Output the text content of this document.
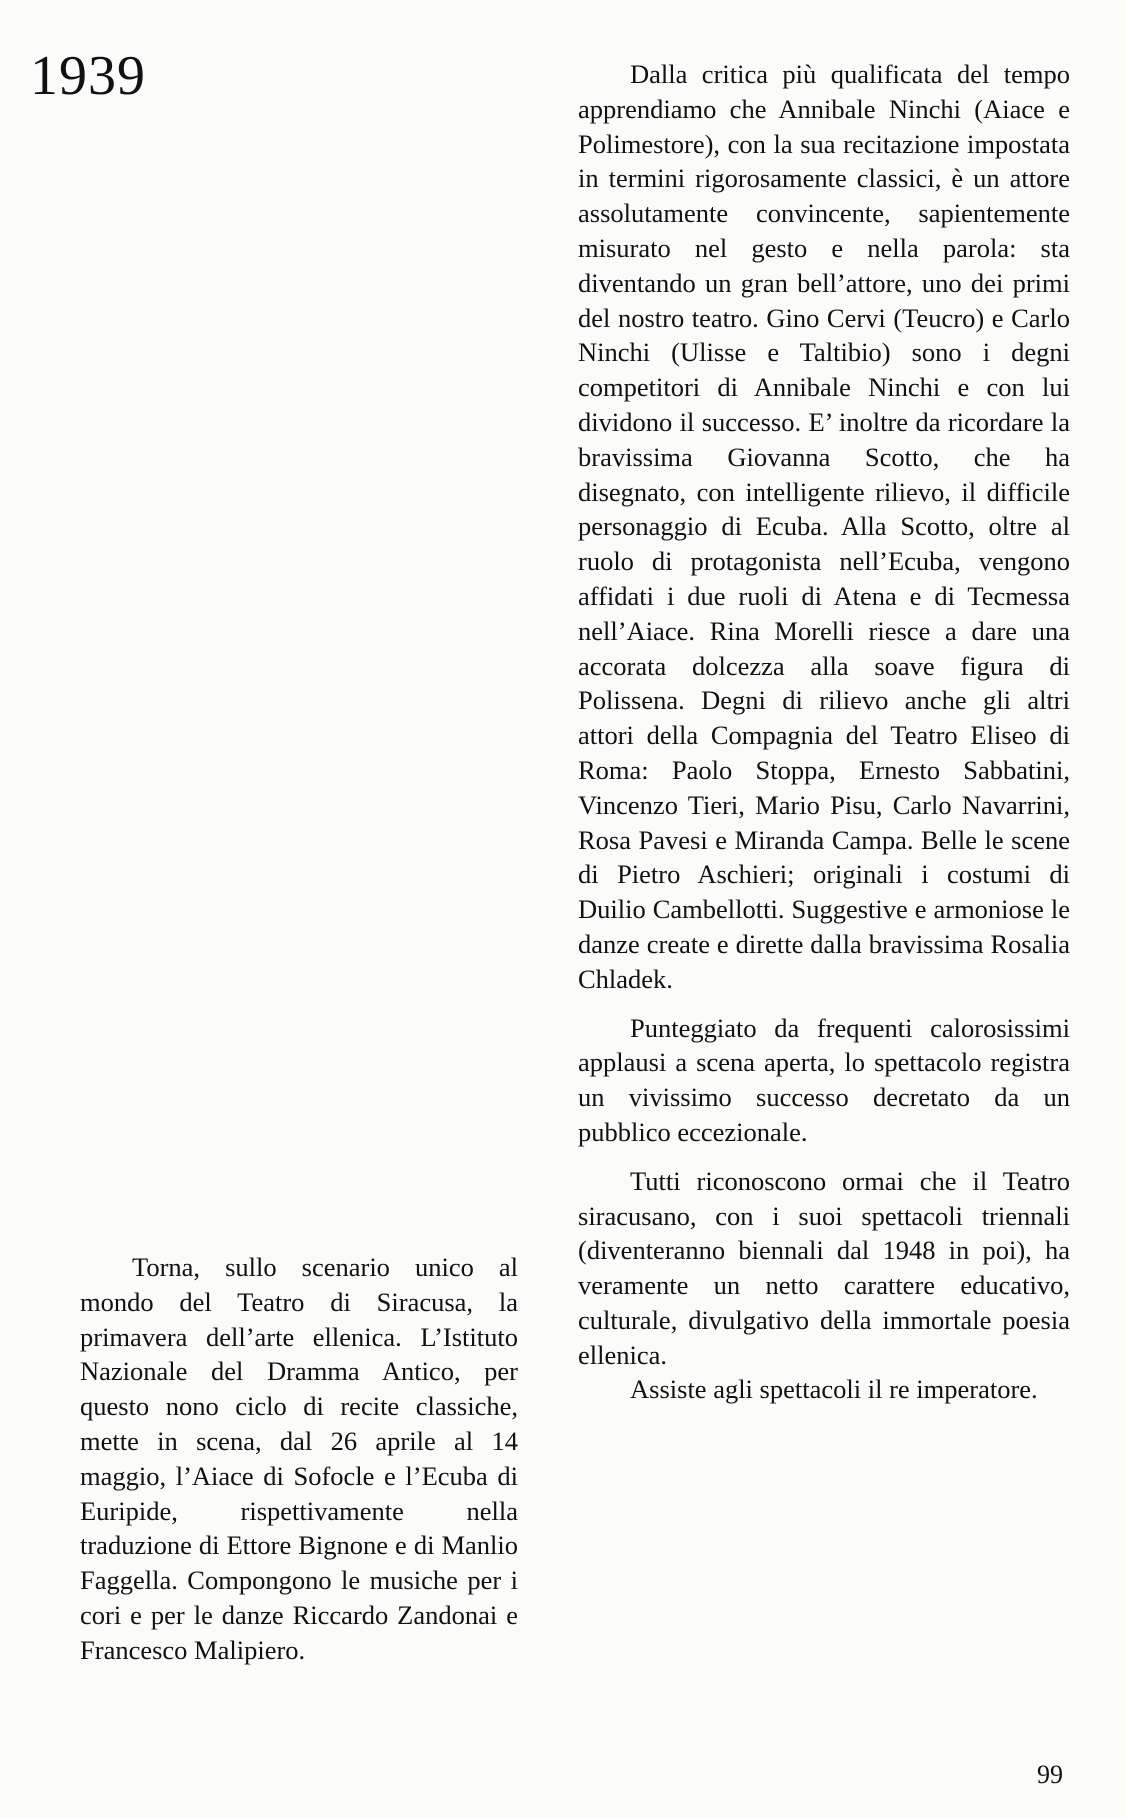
1939

Torna, sullo scenario unico al mondo del Teatro di Siracusa, la primavera dell’arte ellenica. L’Istituto Nazionale del Dramma Antico, per questo nono ciclo di recite classiche, mette in scena, dal 26 aprile al 14 maggio, l’Aiace di Sofocle e l’Ecuba di Euripide, rispettivamente nella traduzione di Ettore Bignone e di Manlio Faggella. Compongono le musiche per i cori e per le danze Riccardo Zandonai e Francesco Malipiero.

Dalla critica più qualificata del tempo apprendiamo che Annibale Ninchi (Aiace e Polimestore), con la sua recitazione impostata in termini rigorosamente classici, è un attore assolutamente convincente, sapientemente misurato nel gesto e nella parola: sta diventando un gran bell’attore, uno dei primi del nostro teatro. Gino Cervi (Teucro) e Carlo Ninchi (Ulisse e Taltibio) sono i degni competitori di Annibale Ninchi e con lui dividono il successo. E’ inoltre da ricordare la bravissima Giovanna Scotto, che ha disegnato, con intelligente rilievo, il difficile personaggio di Ecuba. Alla Scotto, oltre al ruolo di protagonista nell’Ecuba, vengono affidati i due ruoli di Atena e di Tecmessa nell’Aiace. Rina Morelli riesce a dare una accorata dolcezza alla soave figura di Polissena. Degni di rilievo anche gli altri attori della Compagnia del Teatro Eliseo di Roma: Paolo Stoppa, Ernesto Sabbatini, Vincenzo Tieri, Mario Pisu, Carlo Navarrini, Rosa Pavesi e Miranda Campa. Belle le scene di Pietro Aschieri; originali i costumi di Duilio Cambellotti. Suggestive e armoniose le danze create e dirette dalla bravissima Rosalia Chladek.

Punteggiato da frequenti calorosissimi applausi a scena aperta, lo spettacolo registra un vivissimo successo decretato da un pubblico eccezionale.

Tutti riconoscono ormai che il Teatro siracusano, con i suoi spettacoli triennali (diventeranno biennali dal 1948 in poi), ha veramente un netto carattere educativo, culturale, divulgativo della immortale poesia ellenica.

Assiste agli spettacoli il re imperatore.

99
